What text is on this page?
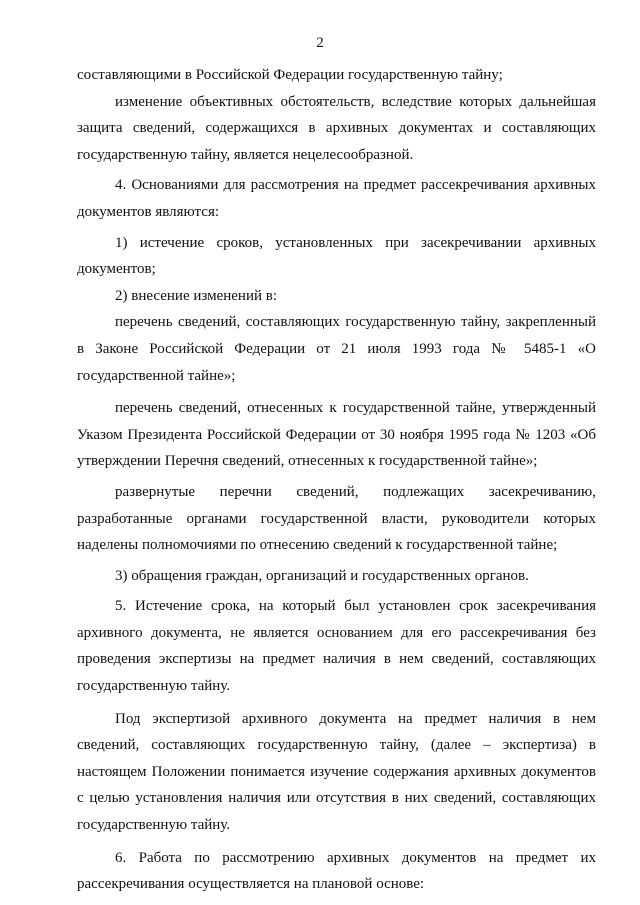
2

составляющими в Российской Федерации государственную тайну;

изменение объективных обстоятельств, вследствие которых дальнейшая защита сведений, содержащихся в архивных документах и составляющих государственную тайну, является нецелесообразной.

4. Основаниями для рассмотрения на предмет рассекречивания архивных документов являются:

1) истечение сроков, установленных при засекречивании архивных документов;

2) внесение изменений в:

перечень сведений, составляющих государственную тайну, закрепленный в Законе Российской Федерации от 21 июля 1993 года № 5485-1 «О государственной тайне»;

перечень сведений, отнесенных к государственной тайне, утвержденный Указом Президента Российской Федерации от 30 ноября 1995 года № 1203 «Об утверждении Перечня сведений, отнесенных к государственной тайне»;

развернутые перечни сведений, подлежащих засекречиванию, разработанные органами государственной власти, руководители которых наделены полномочиями по отнесению сведений к государственной тайне;

3) обращения граждан, организаций и государственных органов.

5. Истечение срока, на который был установлен срок засекречивания архивного документа, не является основанием для его рассекречивания без проведения экспертизы на предмет наличия в нем сведений, составляющих государственную тайну.

Под экспертизой архивного документа на предмет наличия в нем сведений, составляющих государственную тайну, (далее – экспертиза) в настоящем Положении понимается изучение содержания архивных документов с целью установления наличия или отсутствия в них сведений, составляющих государственную тайну.

6. Работа по рассмотрению архивных документов на предмет их рассекречивания осуществляется на плановой основе:
